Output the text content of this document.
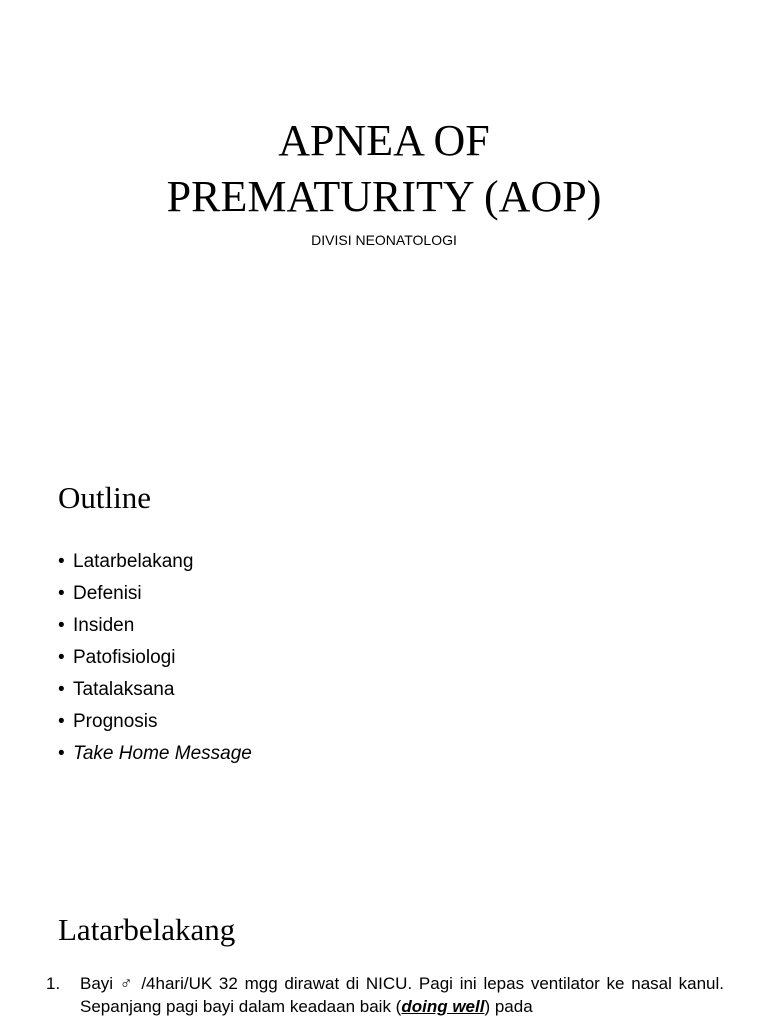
APNEA OF
PREMATURITY (AOP)

DIVISI NEONATOLOGI

Outline
• Latarbelakang
• Defenisi
• Insiden
• Patofisiologi
• Tatalaksana
• Prognosis
• Take Home Message
Latarbelakang
1.	Bayi ♂ /4hari/UK 32 mgg dirawat di NICU. Pagi ini lepas ventilator ke nasal kanul. Sepanjang pagi bayi dalam keadaan baik (doing well) pada
